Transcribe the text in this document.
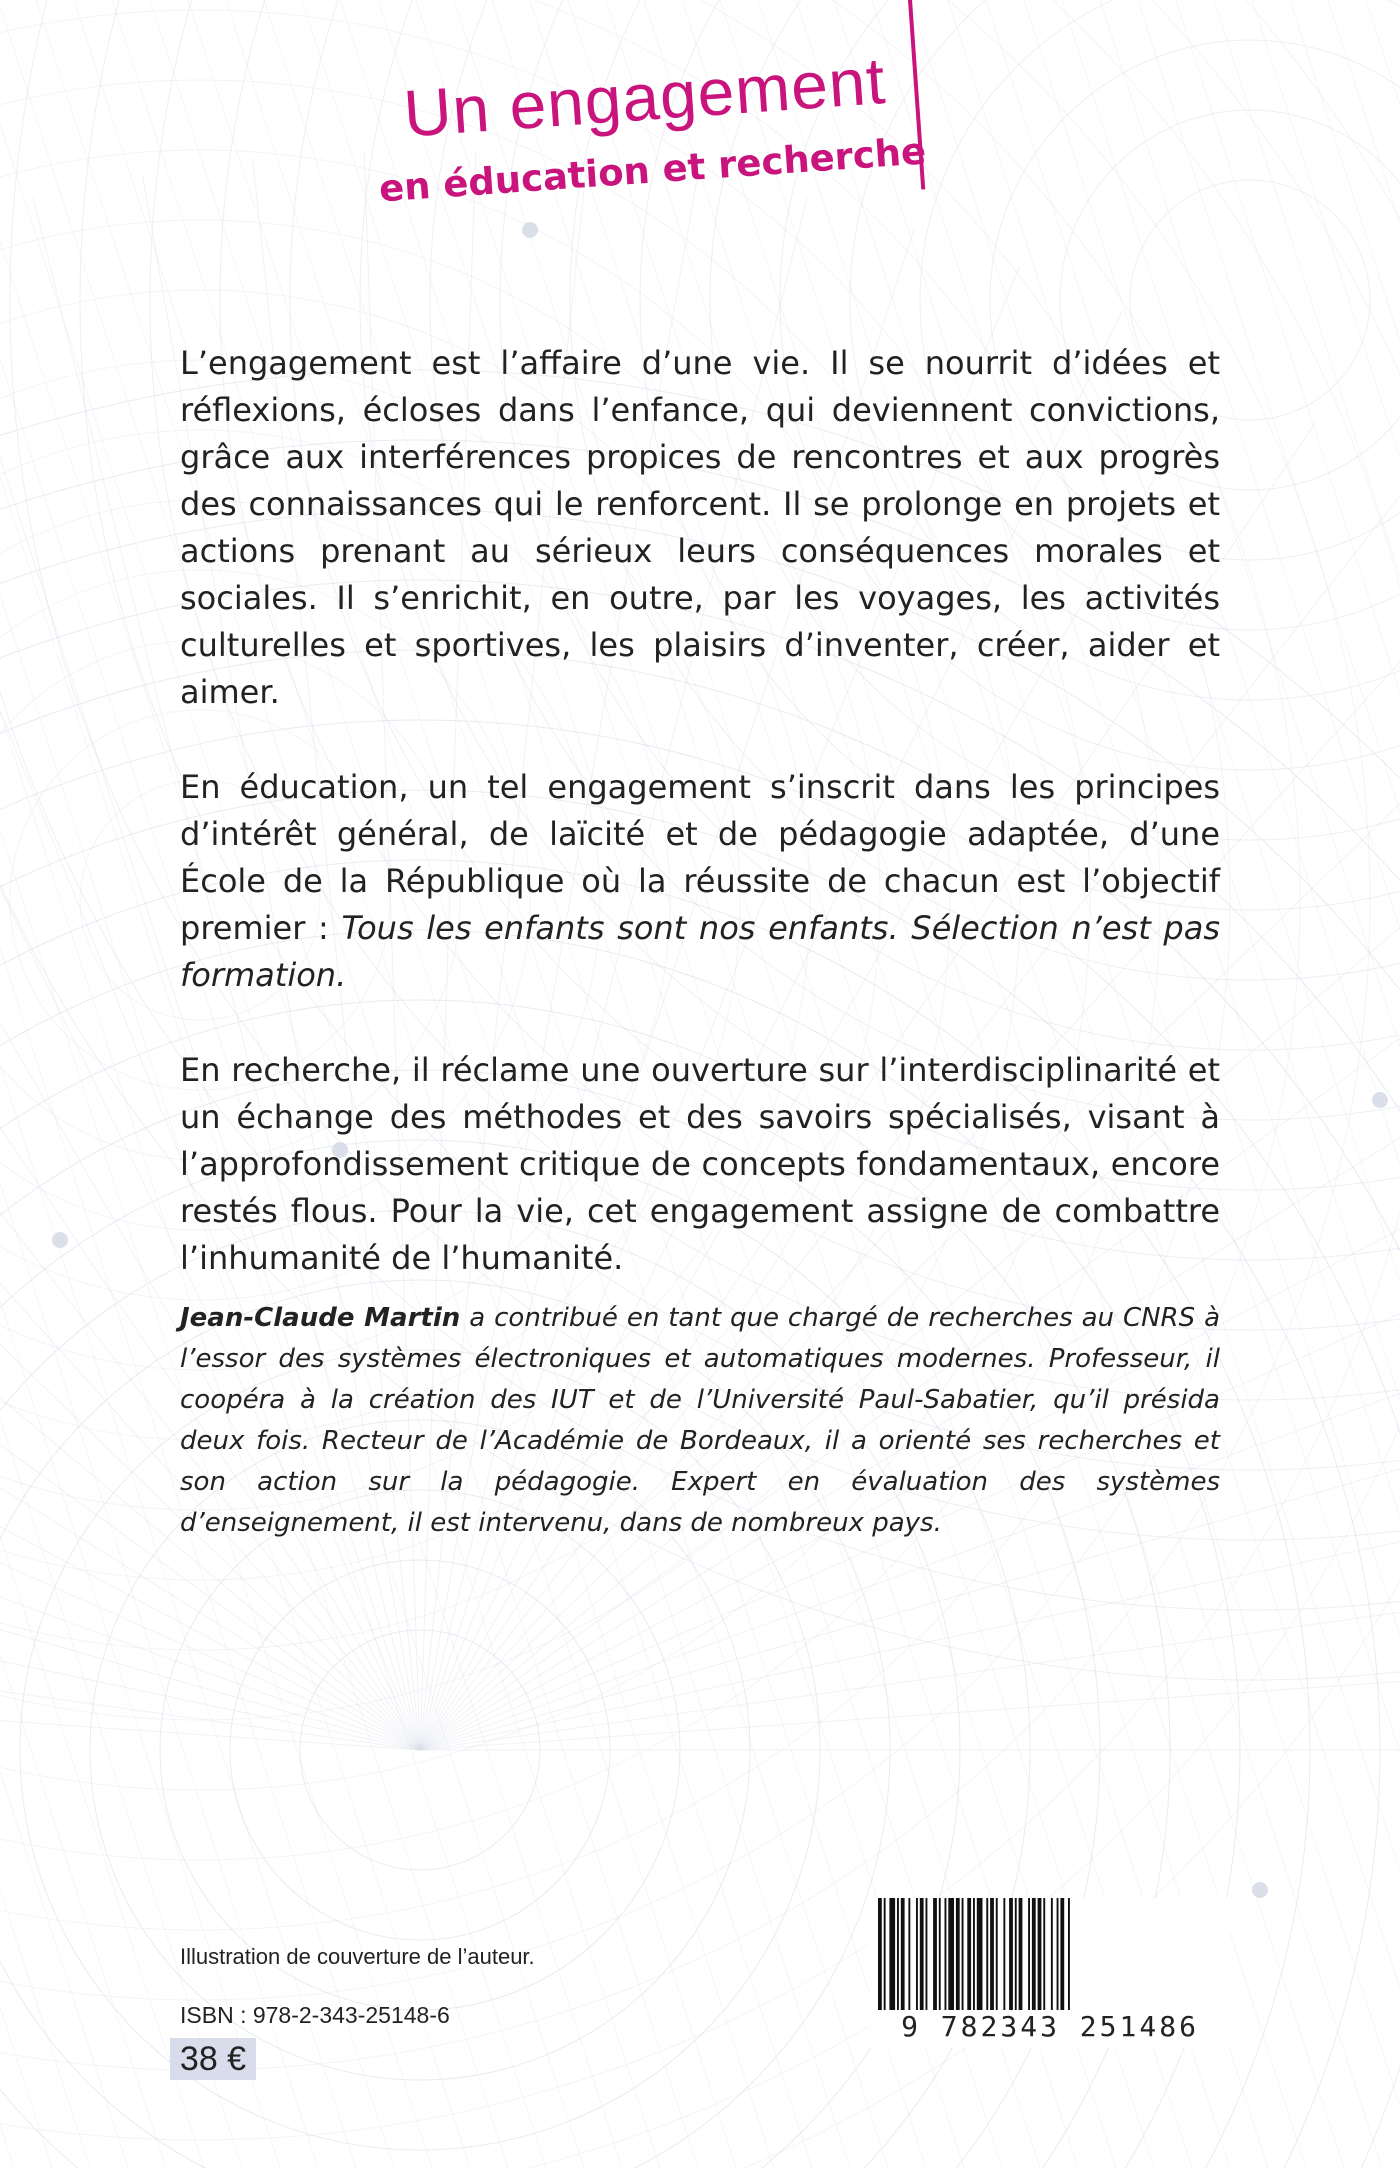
Un engagement
en éducation et recherche

L’engagement est l’affaire d’une vie. Il se nourrit d’idées et réflexions, écloses dans l’enfance, qui deviennent convictions, grâce aux interférences propices de rencontres et aux progrès des connaissances qui le renforcent. Il se prolonge en projets et actions prenant au sérieux leurs conséquences morales et sociales. Il s’enrichit, en outre, par les voyages, les activités culturelles et sportives, les plaisirs d’inventer, créer, aider et aimer.

En éducation, un tel engagement s’inscrit dans les principes d’intérêt général, de laïcité et de pédagogie adaptée, d’une École de la République où la réussite de chacun est l’objectif premier : Tous les enfants sont nos enfants. Sélection n’est pas formation.

En recherche, il réclame une ouverture sur l’interdisciplinarité et un échange des méthodes et des savoirs spécialisés, visant à l’approfondissement critique de concepts fondamentaux, encore restés flous. Pour la vie, cet engagement assigne de combattre l’inhumanité de l’humanité.

Jean-Claude Martin a contribué en tant que chargé de recherches au CNRS à l’essor des systèmes électroniques et automatiques modernes. Professeur, il coopéra à la création des IUT et de l’Université Paul-Sabatier, qu’il présida deux fois. Recteur de l’Académie de Bordeaux, il a orienté ses recherches et son action sur la pédagogie. Expert en évaluation des systèmes d’enseignement, il est intervenu, dans de nombreux pays.

Illustration de couverture de l’auteur.
ISBN : 978-2-343-25148-6
38 €
9 782343 251486
